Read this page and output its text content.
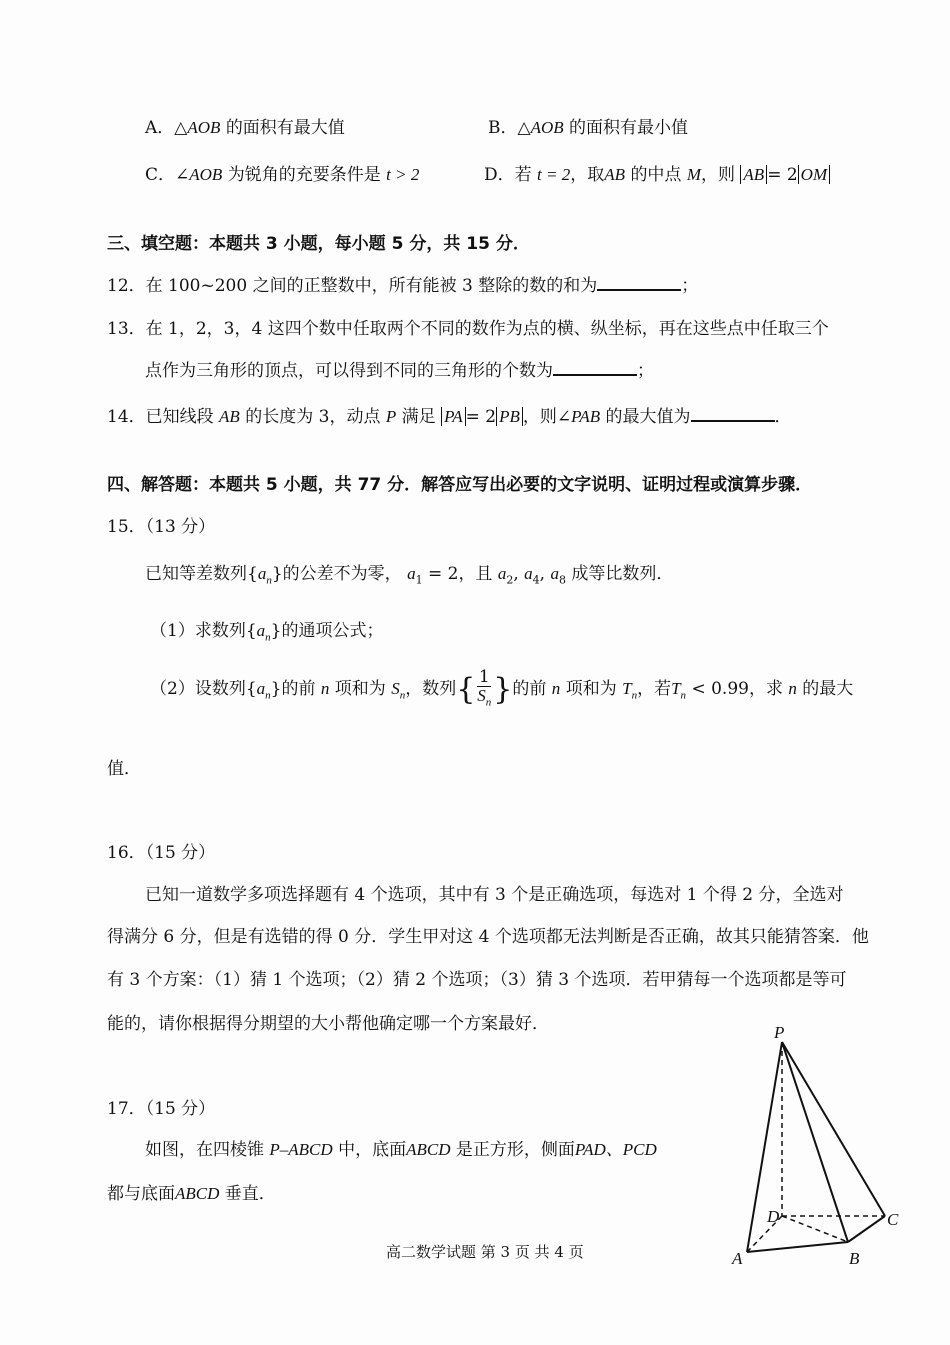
A．△AOB 的面积有最大值	B．△AOB 的面积有最小值
C．∠AOB 为锐角的充要条件是 t > 2	D．若 t = 2，取AB 的中点 M，则 AB = 2 OM
三、填空题：本题共 3 小题，每小题 5 分，共 15 分．
12．在 100~200 之间的正整数中，所有能被 3 整除的数的和为	；
13．在 1，2，3，4 这四个数中任取两个不同的数作为点的横、纵坐标，再在这些点中任取三个
点作为三角形的顶点，可以得到不同的三角形的个数为	；
14．已知线段 AB 的长度为 3，动点 P 满足 PA = 2 PB ，则∠PAB 的最大值为	．
四、解答题：本题共 5 小题，共 77 分．解答应写出必要的文字说明、证明过程或演算步骤．
15．（13 分）
已知等差数列$\{a_n\}$的公差不为零， $a_1 = 2$，且 $a_2$, $a_4$, $a_8$ 成等比数列．
（1）求数列$\{a_n\}$的通项公式；
（2）设数列$\{a_n\}$的前 n 项和为 $S_n$，数列{ $\frac{1}{S_n}$ }的前 n 项和为 $T_n$，若$T_n < 0.99$，求 n 的最大
值．
16．（15 分）
已知一道数学多项选择题有 4 个选项，其中有 3 个是正确选项，每选对 1 个得 2 分，全选对
得满分 6 分，但是有选错的得 0 分．学生甲对这 4 个选项都无法判断是否正确，故其只能猜答案．他
有 3 个方案：（1）猜 1 个选项；（2）猜 2 个选项；（3）猜 3 个选项．若甲猜每一个选项都是等可
能的，请你根据得分期望的大小帮他确定哪一个方案最好．
17．（15 分）
如图，在四棱锥 P–ABCD 中，底面ABCD 是正方形，侧面PAD、PCD
都与底面ABCD 垂直．
P
A	B
C
D
高二数学试题 第 3 页 共 4 页
